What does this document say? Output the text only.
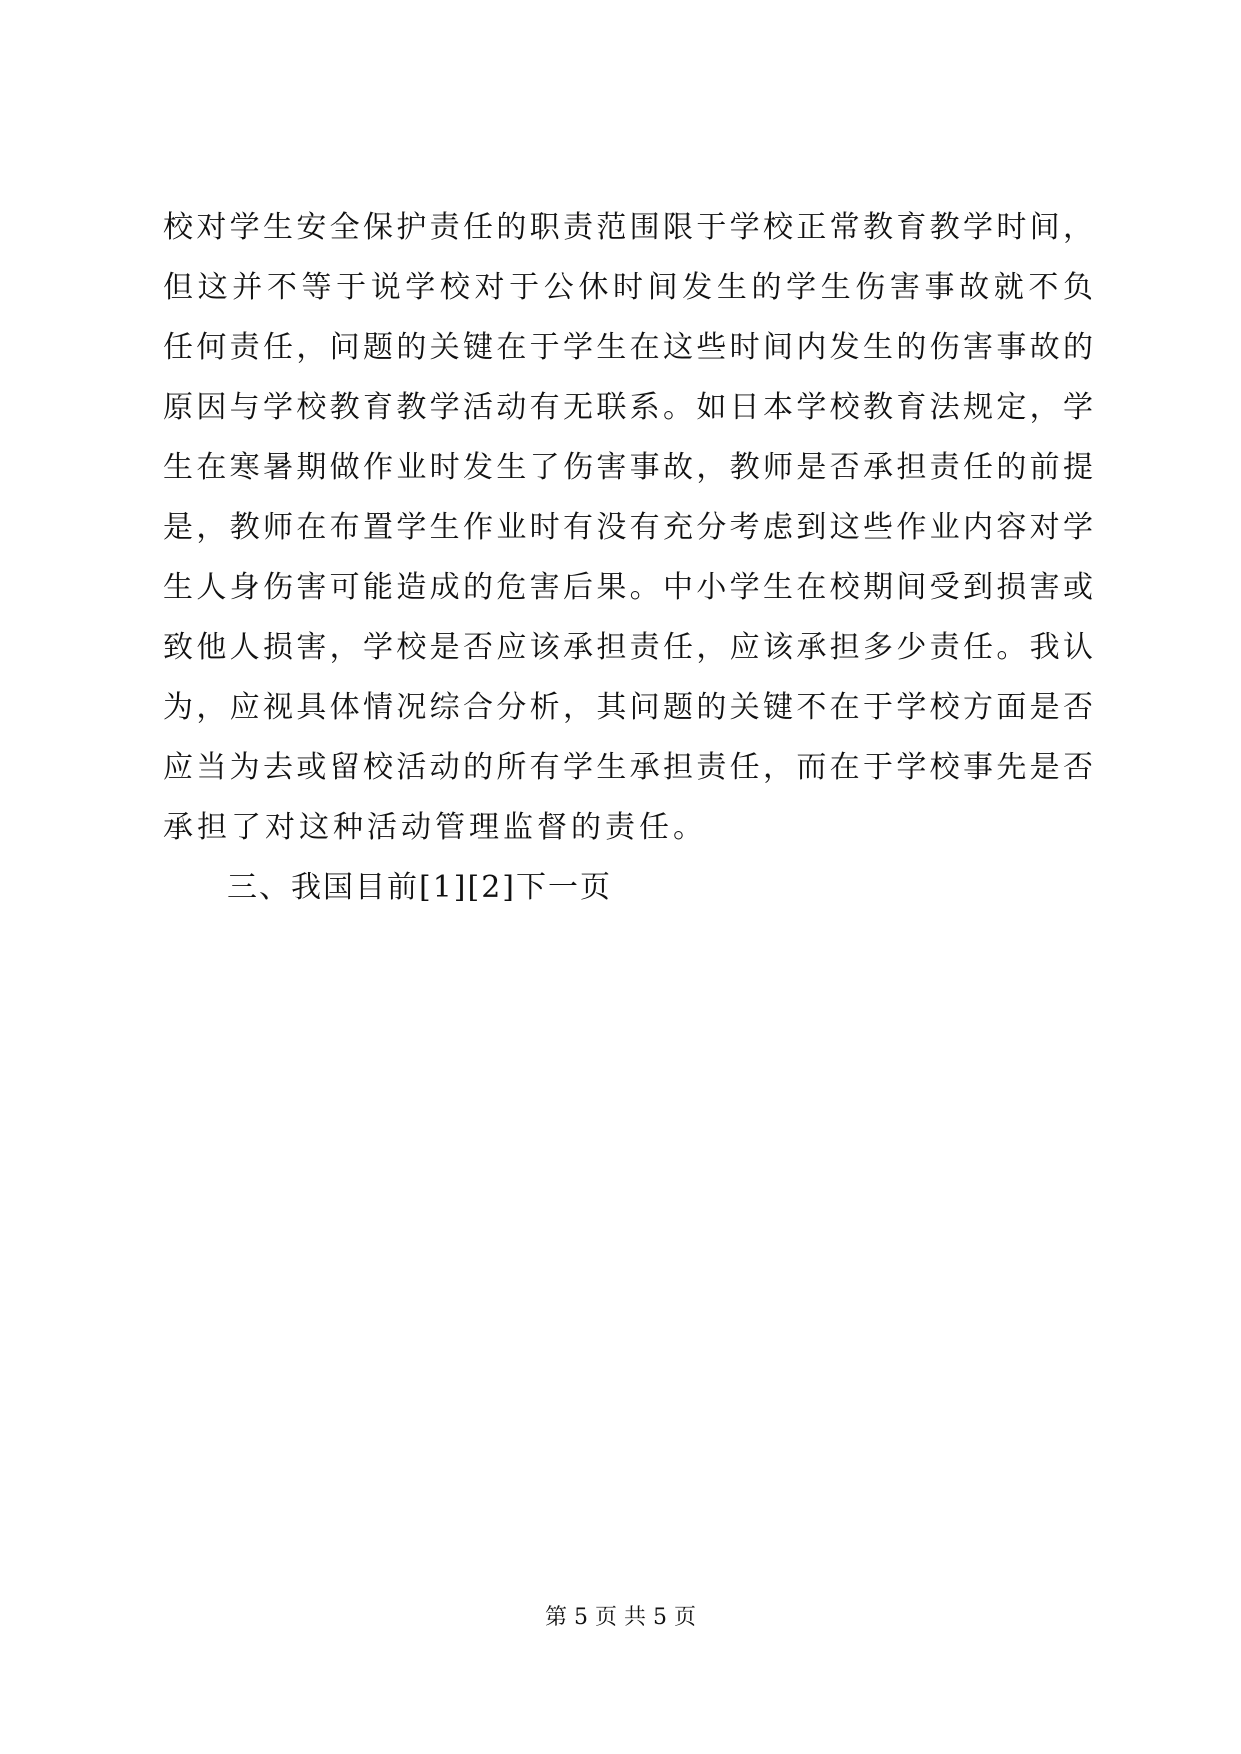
校对学生安全保护责任的职责范围限于学校正常教育教学时间，
但这并不等于说学校对于公休时间发生的学生伤害事故就不负
任何责任，问题的关键在于学生在这些时间内发生的伤害事故的
原因与学校教育教学活动有无联系。如日本学校教育法规定，学
生在寒暑期做作业时发生了伤害事故，教师是否承担责任的前提
是，教师在布置学生作业时有没有充分考虑到这些作业内容对学
生人身伤害可能造成的危害后果。中小学生在校期间受到损害或
致他人损害，学校是否应该承担责任，应该承担多少责任。我认
为，应视具体情况综合分析，其问题的关键不在于学校方面是否
应当为去或留校活动的所有学生承担责任，而在于学校事先是否
承担了对这种活动管理监督的责任。
三、我国目前[1][2]下一页
第 5 页 共 5 页
